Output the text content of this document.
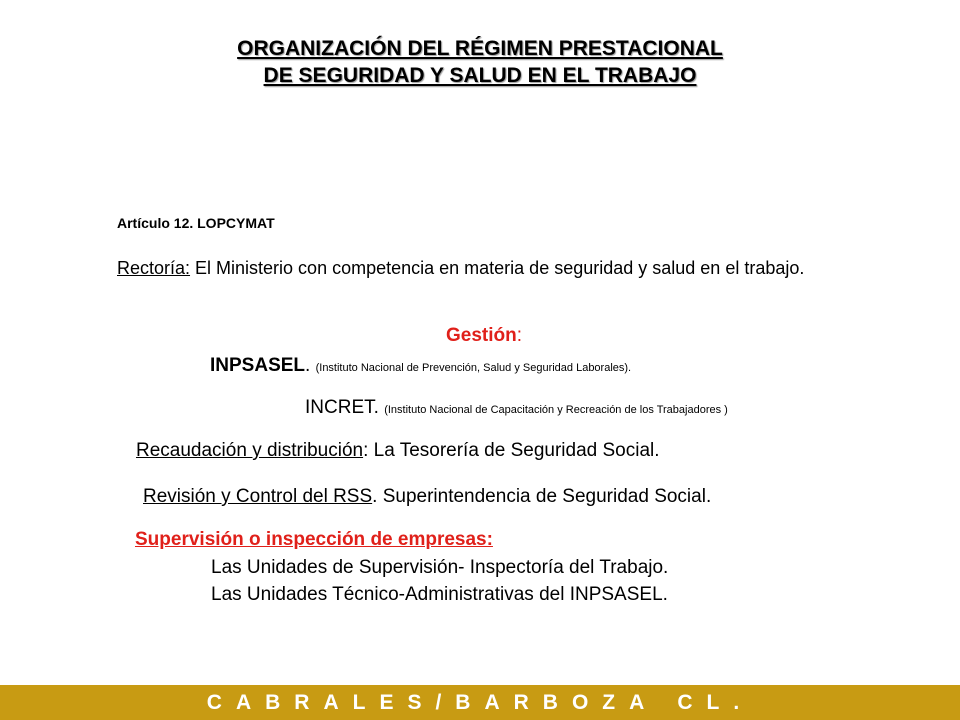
ORGANIZACIÓN DEL RÉGIMEN PRESTACIONAL
DE SEGURIDAD Y SALUD EN EL TRABAJO
Artículo 12. LOPCYMAT
Rectoría: El Ministerio con competencia en materia de seguridad y salud en el trabajo.
Gestión:
INPSASEL. (Instituto Nacional de Prevención, Salud y Seguridad Laborales).
INCRET. (Instituto Nacional de Capacitación y Recreación de los Trabajadores )
Recaudación y distribución: La Tesorería de Seguridad Social.
Revisión y Control del RSS. Superintendencia de Seguridad Social.
Supervisión o inspección de empresas:
Las Unidades de Supervisión- Inspectoría del Trabajo.
Las Unidades Técnico-Administrativas del INPSASEL.
CABRALES/BARBOZA CL.
